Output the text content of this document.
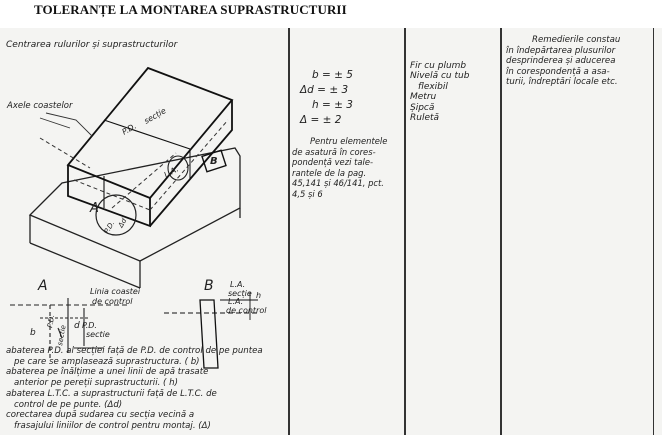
TOLERANȚE LA MONTAREA SUPRASTRUCTURII
Centrarea rulurilor și suprastructurilor
Axele coastelor
P.D.
secție
L.A.
B
A
P.D. Δd
A	Linia coastei
de control
b
P.D.
sectie d
B
h
P.D.
sectie
L.A.
secție
L.A.
de control
abaterea P.D. al secției față de P.D. de control de pe puntea
pe care se amplasează suprastructura. ( b)
abaterea pe înălțime a unei linii de apă trasate
anterior pe pereții suprastructurii. ( h)
abaterea L.T.C. a suprastructurii față de L.T.C. de
control de pe punte. (Δd)
corectarea după sudarea cu secția vecină a
frasajului liniilor de control pentru montaj. (Δ)
b = ± 5
Δd = ± 3
h = ± 3
Δ = ± 2
Pentru elementele
de asatură în cores-
pondență vezi tale-
rantele de la pag.
45,141 și 46/141, pct.
4,5 și 6
Fir cu plumb
Nivelă cu tub
flexibil
Metru
Șipcă
Ruletă
Remedierile constau
în îndepărtarea plusurilor
desprinderea și aducerea
în corespondență a asa-
turii, îndreptări locale etc.
